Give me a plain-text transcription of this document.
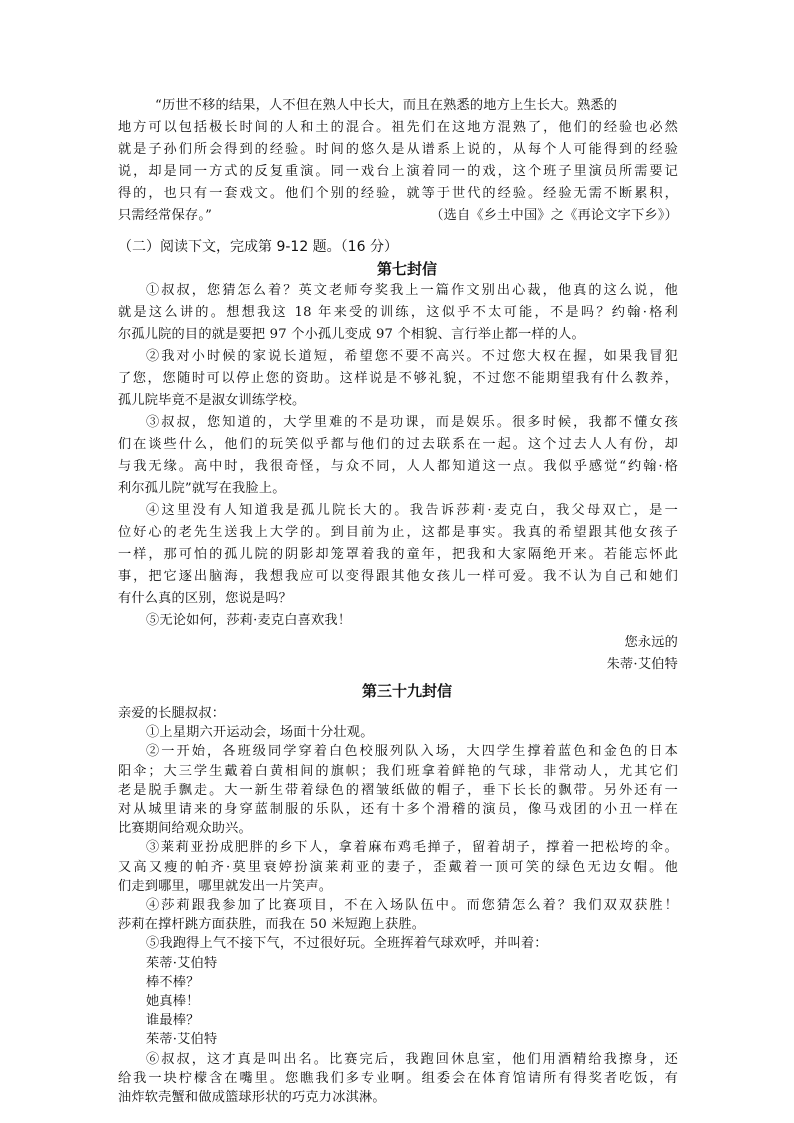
“历世不移的结果，人不但在熟人中长大，而且在熟悉的地方上生长大。熟悉的
地方可以包括极长时间的人和土的混合。祖先们在这地方混熟了，他们的经验也必然
就是子孙们所会得到的经验。时间的悠久是从谱系上说的，从每个人可能得到的经验
说，却是同一方式的反复重演。同一戏台上演着同一的戏，这个班子里演员所需要记
得的，也只有一套戏文。他们个别的经验，就等于世代的经验。经验无需不断累积，
只需经常保存。”	（选自《乡土中国》之《再论文字下乡》）
（二）阅读下文，完成第 9-12 题。（16 分）
第七封信
①叔叔，您猜怎么着？英文老师夸奖我上一篇作文别出心裁，他真的这么说，他
就是这么讲的。想想我这 18 年来受的训练，这似乎不太可能，不是吗？约翰·格利
尔孤儿院的目的就是要把 97 个小孤儿变成 97 个相貌、言行举止都一样的人。
②我对小时候的家说长道短，希望您不要不高兴。不过您大权在握，如果我冒犯
了您，您随时可以停止您的资助。这样说是不够礼貌，不过您不能期望我有什么教养，
孤儿院毕竟不是淑女训练学校。
③叔叔，您知道的，大学里难的不是功课，而是娱乐。很多时候，我都不懂女孩
们在谈些什么，他们的玩笑似乎都与他们的过去联系在一起。这个过去人人有份，却
与我无缘。高中时，我很奇怪，与众不同，人人都知道这一点。我似乎感觉“约翰·格
利尔孤儿院”就写在我脸上。
④这里没有人知道我是孤儿院长大的。我告诉莎莉·麦克白，我父母双亡，是一
位好心的老先生送我上大学的。到目前为止，这都是事实。我真的希望跟其他女孩子
一样，那可怕的孤儿院的阴影却笼罩着我的童年，把我和大家隔绝开来。若能忘怀此
事，把它逐出脑海，我想我应可以变得跟其他女孩儿一样可爱。我不认为自己和她们
有什么真的区别，您说是吗？
⑤无论如何，莎莉·麦克白喜欢我！
您永远的
朱蒂·艾伯特
第三十九封信
亲爱的长腿叔叔：
①上星期六开运动会，场面十分壮观。
②一开始，各班级同学穿着白色校服列队入场，大四学生撑着蓝色和金色的日本
阳伞；大三学生戴着白黄相间的旗帜；我们班拿着鲜艳的气球，非常动人，尤其它们
老是脱手飘走。大一新生带着绿色的褶皱纸做的帽子，垂下长长的飘带。另外还有一
对从城里请来的身穿蓝制服的乐队，还有十多个滑稽的演员，像马戏团的小丑一样在
比赛期间给观众助兴。
③莱莉亚扮成肥胖的乡下人，拿着麻布鸡毛掸子，留着胡子，撑着一把松垮的伞。
又高又瘦的帕齐·莫里衰婷扮演莱莉亚的妻子，歪戴着一顶可笑的绿色无边女帽。他
们走到哪里，哪里就发出一片笑声。
④莎莉跟我参加了比赛项目，不在入场队伍中。而您猜怎么着？我们双双获胜！
莎莉在撑杆跳方面获胜，而我在 50 米短跑上获胜。
⑤我跑得上气不接下气，不过很好玩。全班挥着气球欢呼，并叫着：
茱蒂·艾伯特
棒不棒？
她真棒！
谁最棒？
茱蒂·艾伯特
⑥叔叔，这才真是叫出名。比赛完后，我跑回休息室，他们用酒精给我擦身，还
给我一块柠檬含在嘴里。您瞧我们多专业啊。组委会在体育馆请所有得奖者吃饭，有
油炸软壳蟹和做成篮球形状的巧克力冰淇淋。
